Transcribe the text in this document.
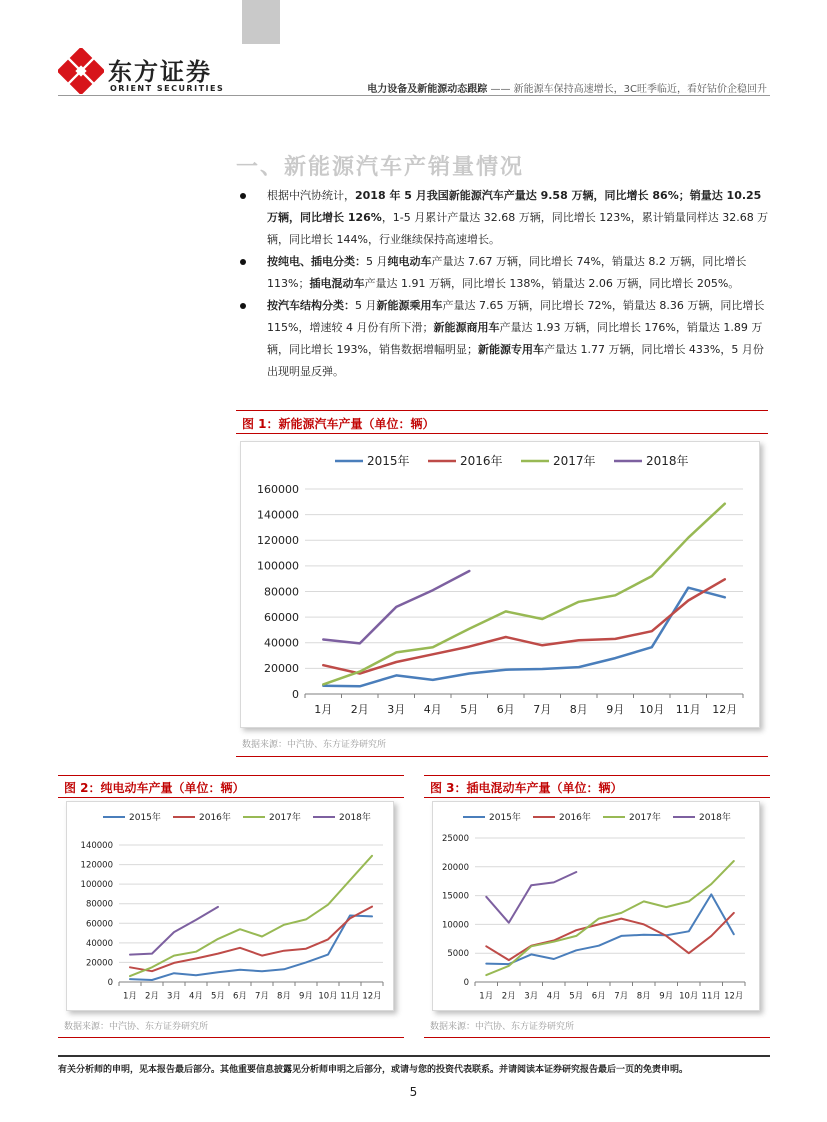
东方证券
ORIENT SECURITIES	电力设备及新能源动态跟踪 —— 新能源车保持高速增长，3C旺季临近，看好钴价企稳回升
一、新能源汽车产销量情况
根据中汽协统计，2018 年 5 月我国新能源汽车产量达 9.58 万辆，同比增长 86%；销量达 10.25 万辆，同比增长 126%，1-5 月累计产量达 32.68 万辆，同比增长 123%，累计销量同样达 32.68 万辆，同比增长 144%，行业继续保持高速增长。
按纯电、插电分类：5 月纯电动车产量达 7.67 万辆，同比增长 74%，销量达 8.2 万辆，同比增长 113%；插电混动车产量达 1.91 万辆，同比增长 138%，销量达 2.06 万辆，同比增长 205%。
按汽车结构分类：5 月新能源乘用车产量达 7.65 万辆，同比增长 72%，销量达 8.36 万辆，同比增长 115%，增速较 4 月份有所下滑；新能源商用车产量达 1.93 万辆，同比增长 176%，销量达 1.89 万辆，同比增长 193%，销售数据增幅明显；新能源专用车产量达 1.77 万辆，同比增长 433%，5 月份出现明显反弹。
图 1：新能源汽车产量（单位：辆）
0
20000
40000
60000
80000
100000
120000
140000
160000
1月 2月 3月 4月 5月 6月 7月 8月 9月 10月 11月 12月
2015年	2016年	2017年	2018年
数据来源：中汽协、东方证券研究所
图 2：纯电动车产量（单位：辆）
0
20000
40000
60000
80000
100000
120000
140000
1月 2月 3月 4月 5月 6月 7月 8月 9月 10月 11月 12月
2015年	2016年	2017年	2018年
数据来源：中汽协、东方证券研究所
图 3：插电混动车产量（单位：辆）
0
5000
10000
15000
20000
25000
1月 2月 3月 4月 5月 6月 7月 8月 9月 10月 11月 12月
2015年	2016年	2017年	2018年
数据来源：中汽协、东方证券研究所
有关分析师的申明，见本报告最后部分。其他重要信息披露见分析师申明之后部分，或请与您的投资代表联系。并请阅读本证券研究报告最后一页的免责申明。
5
